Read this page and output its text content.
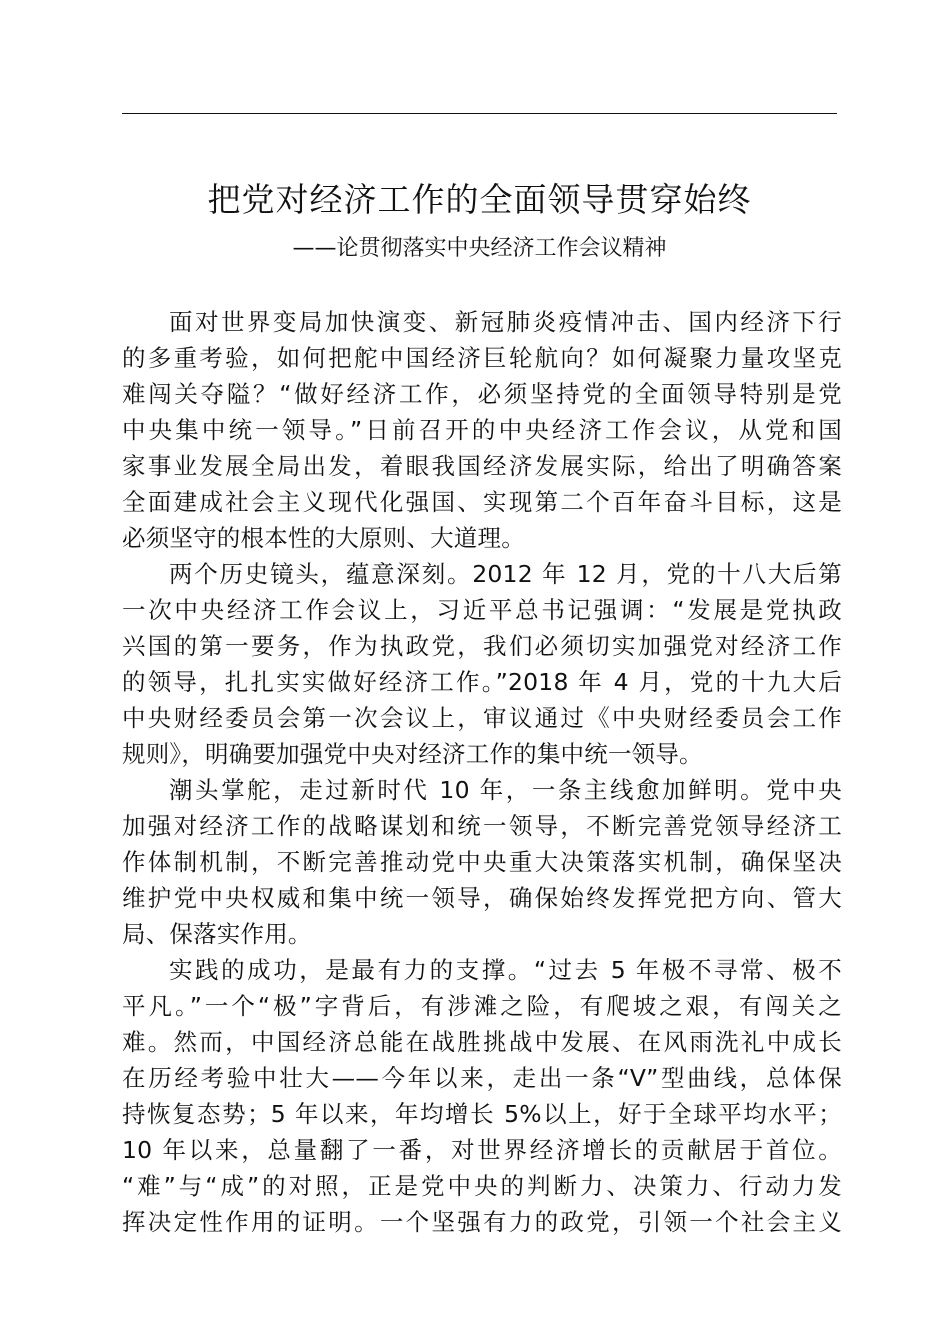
把党对经济工作的全面领导贯穿始终
——论贯彻落实中央经济工作会议精神
面对世界变局加快演变、新冠肺炎疫情冲击、国内经济下行
的多重考验，如何把舵中国经济巨轮航向？如何凝聚力量攻坚克
难闯关夺隘？“做好经济工作，必须坚持党的全面领导特别是党
中央集中统一领导。”日前召开的中央经济工作会议，从党和国
家事业发展全局出发，着眼我国经济发展实际，给出了明确答案
全面建成社会主义现代化强国、实现第二个百年奋斗目标，这是
必须坚守的根本性的大原则、大道理。
两个历史镜头，蕴意深刻。2012 年 12 月，党的十八大后第
一次中央经济工作会议上，习近平总书记强调：“发展是党执政
兴国的第一要务，作为执政党，我们必须切实加强党对经济工作
的领导，扎扎实实做好经济工作。”2018 年 4 月，党的十九大后
中央财经委员会第一次会议上，审议通过《中央财经委员会工作
规则》，明确要加强党中央对经济工作的集中统一领导。
潮头掌舵，走过新时代 10 年，一条主线愈加鲜明。党中央
加强对经济工作的战略谋划和统一领导，不断完善党领导经济工
作体制机制，不断完善推动党中央重大决策落实机制，确保坚决
维护党中央权威和集中统一领导，确保始终发挥党把方向、管大
局、保落实作用。
实践的成功，是最有力的支撑。“过去 5 年极不寻常、极不
平凡。”一个“极”字背后，有涉滩之险，有爬坡之艰，有闯关之
难。然而，中国经济总能在战胜挑战中发展、在风雨洗礼中成长
在历经考验中壮大——今年以来，走出一条“V”型曲线，总体保
持恢复态势；5 年以来，年均增长 5%以上，好于全球平均水平；
10 年以来，总量翻了一番，对世界经济增长的贡献居于首位。
“难”与“成”的对照，正是党中央的判断力、决策力、行动力发
挥决定性作用的证明。一个坚强有力的政党，引领一个社会主义
